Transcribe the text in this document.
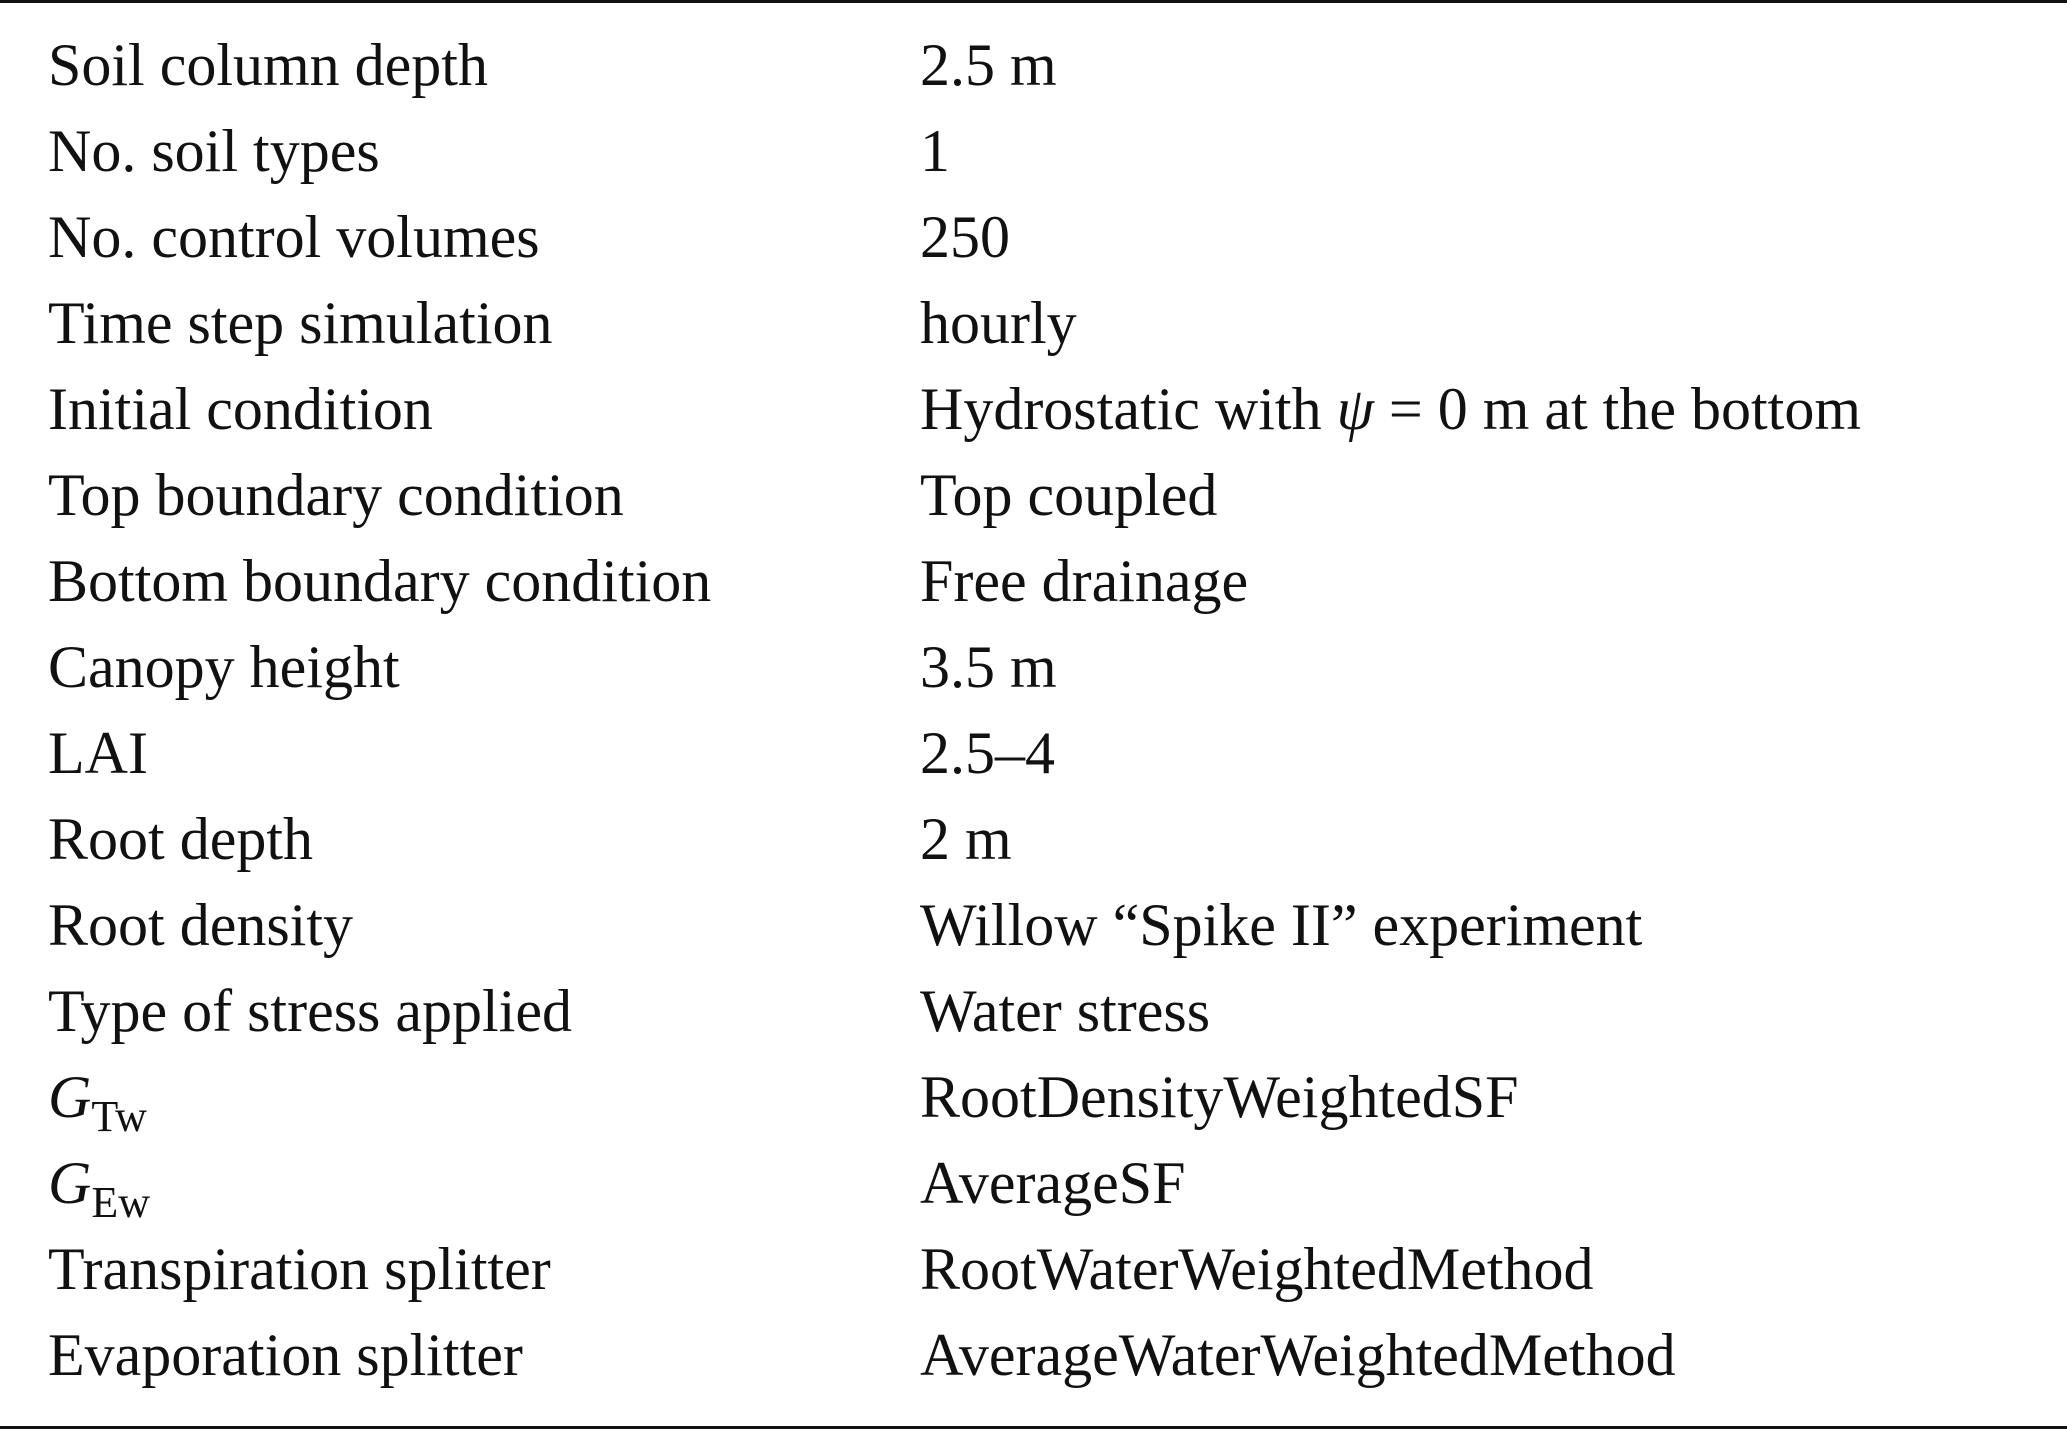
Soil column depth	2.5 m
No. soil types	1
No. control volumes	250
Time step simulation	hourly
Initial condition	Hydrostatic with ψ = 0 m at the bottom
Top boundary condition	Top coupled
Bottom boundary condition	Free drainage
Canopy height	3.5 m
LAI	2.5–4
Root depth	2 m
Root density	Willow “Spike II” experiment
Type of stress applied	Water stress
$G_{Tw}$	RootDensityWeightedSF
$G_{Ew}$	AverageSF
Transpiration splitter	RootWaterWeightedMethod
Evaporation splitter	AverageWaterWeightedMethod
